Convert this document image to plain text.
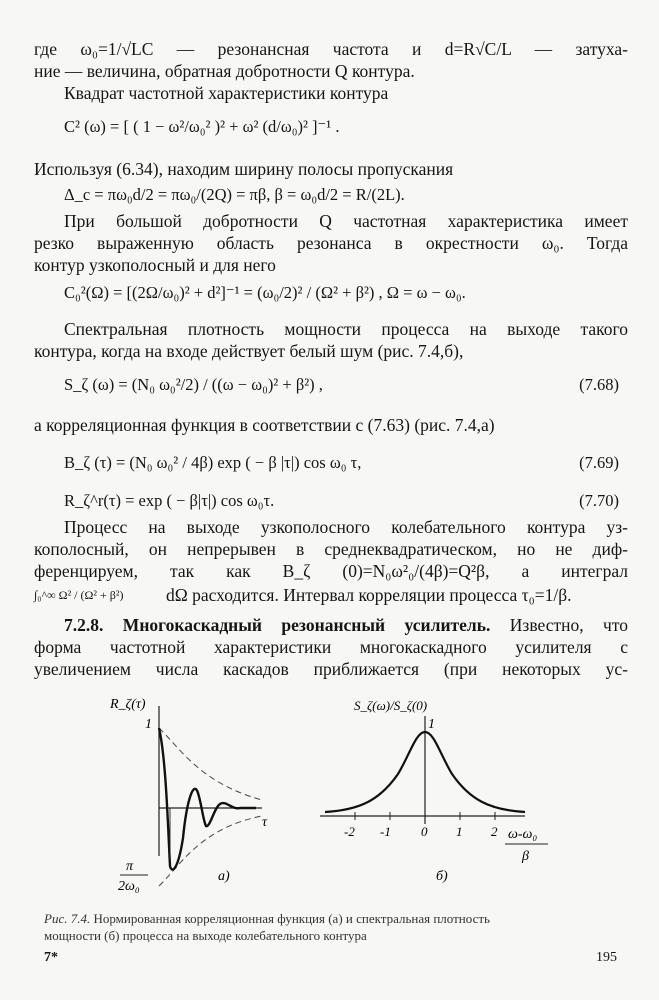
где ω₀=1/√LC — резонансная частота и d=R√C/L — затуха-
ние — величина, обратная добротности Q контура.
Квадрат частотной характеристики контура
C² (ω) = [ ( 1 − ω²/ω₀² )² + ω² (d/ω₀)² ]⁻¹ .
Используя (6.34), находим ширину полосы пропускания
Δ_c = πω₀d/2 = πω₀/(2Q) = πβ, β = ω₀d/2 = R/(2L).
При большой добротности Q частотная характеристика имеет
резко выраженную область резонанса в окрестности ω₀. Тогда
контур узкополосный и для него
C₀²(Ω) = [(2Ω/ω₀)² + d²]⁻¹ = (ω₀/2)² / (Ω² + β²) , Ω = ω − ω₀.
Спектральная плотность мощности процесса на выходе такого
контура, когда на входе действует белый шум (рис. 7.4,б),
S_ζ (ω) = (N₀ ω₀²/2) / ((ω − ω₀)² + β²) ,	(7.68)
а корреляционная функция в соответствии с (7.63) (рис. 7.4,а)
B_ζ (τ) = (N₀ ω₀² / 4β) exp ( − β |τ|) cos ω₀ τ,	(7.69)
R_ζ^r(τ) = exp ( − β|τ|) cos ω₀τ.	(7.70)
Процесс на выходе узкополосного колебательного контура уз-
кополосный, он непрерывен в среднеквадратическом, но не диф-
ференцируем, так как B_ζ (0)=N₀ω²₀/(4β)=Q²β, а интеграл
∫₀^∞ Ω² / (Ω² + β²) dΩ расходится. Интервал корреляции процесса τ₀=1/β.
7.2.8. Многокаскадный резонансный усилитель. Известно, что
форма частотной характеристики многокаскадного усилителя с
увеличением числа каскадов приближается (при некоторых ус-
R_ζ(τ)
1
τ
π
2ω₀
а)
S_ζ(ω)/S_ζ(0)
1
-2 -1 0 1 2 ω-ω₀
β
б)
Рис. 7.4. Нормированная корреляционная функция (а) и спектральная плотность
мощности (б) процесса на выходе колебательного контура
7*	195
